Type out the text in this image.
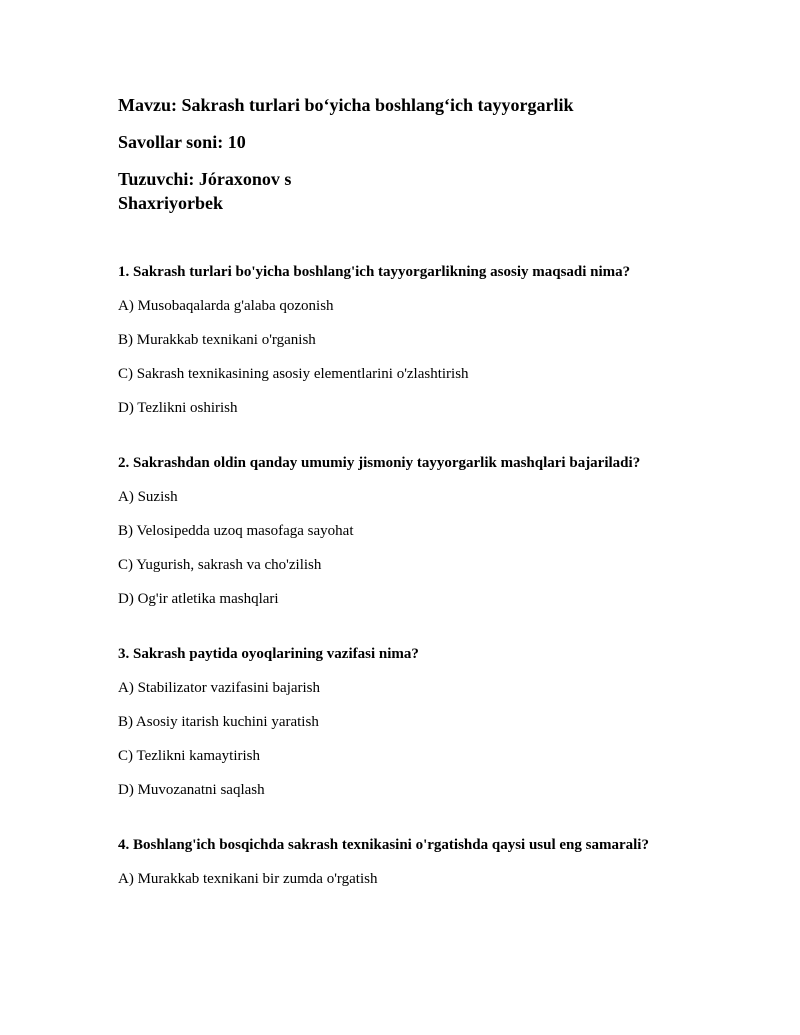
Mavzu: Sakrash turlari bo‘yicha boshlang‘ich tayyorgarlik

Savollar soni: 10

Tuzuvchi: Jóraxonov s

Shaxriyorbek

1. Sakrash turlari bo'yicha boshlang'ich tayyorgarlikning asosiy maqsadi nima?
A) Musobaqalarda g'alaba qozonish
B) Murakkab texnikani o'rganish
C) Sakrash texnikasining asosiy elementlarini o'zlashtirish
D) Tezlikni oshirish
2. Sakrashdan oldin qanday umumiy jismoniy tayyorgarlik mashqlari bajariladi?
A) Suzish
B) Velosipedda uzoq masofaga sayohat
C) Yugurish, sakrash va cho'zilish
D) Og'ir atletika mashqlari
3. Sakrash paytida oyoqlarining vazifasi nima?
A) Stabilizator vazifasini bajarish
B) Asosiy itarish kuchini yaratish
C) Tezlikni kamaytirish
D) Muvozanatni saqlash
4. Boshlang'ich bosqichda sakrash texnikasini o'rgatishda qaysi usul eng samarali?
A) Murakkab texnikani bir zumda o'rgatish
